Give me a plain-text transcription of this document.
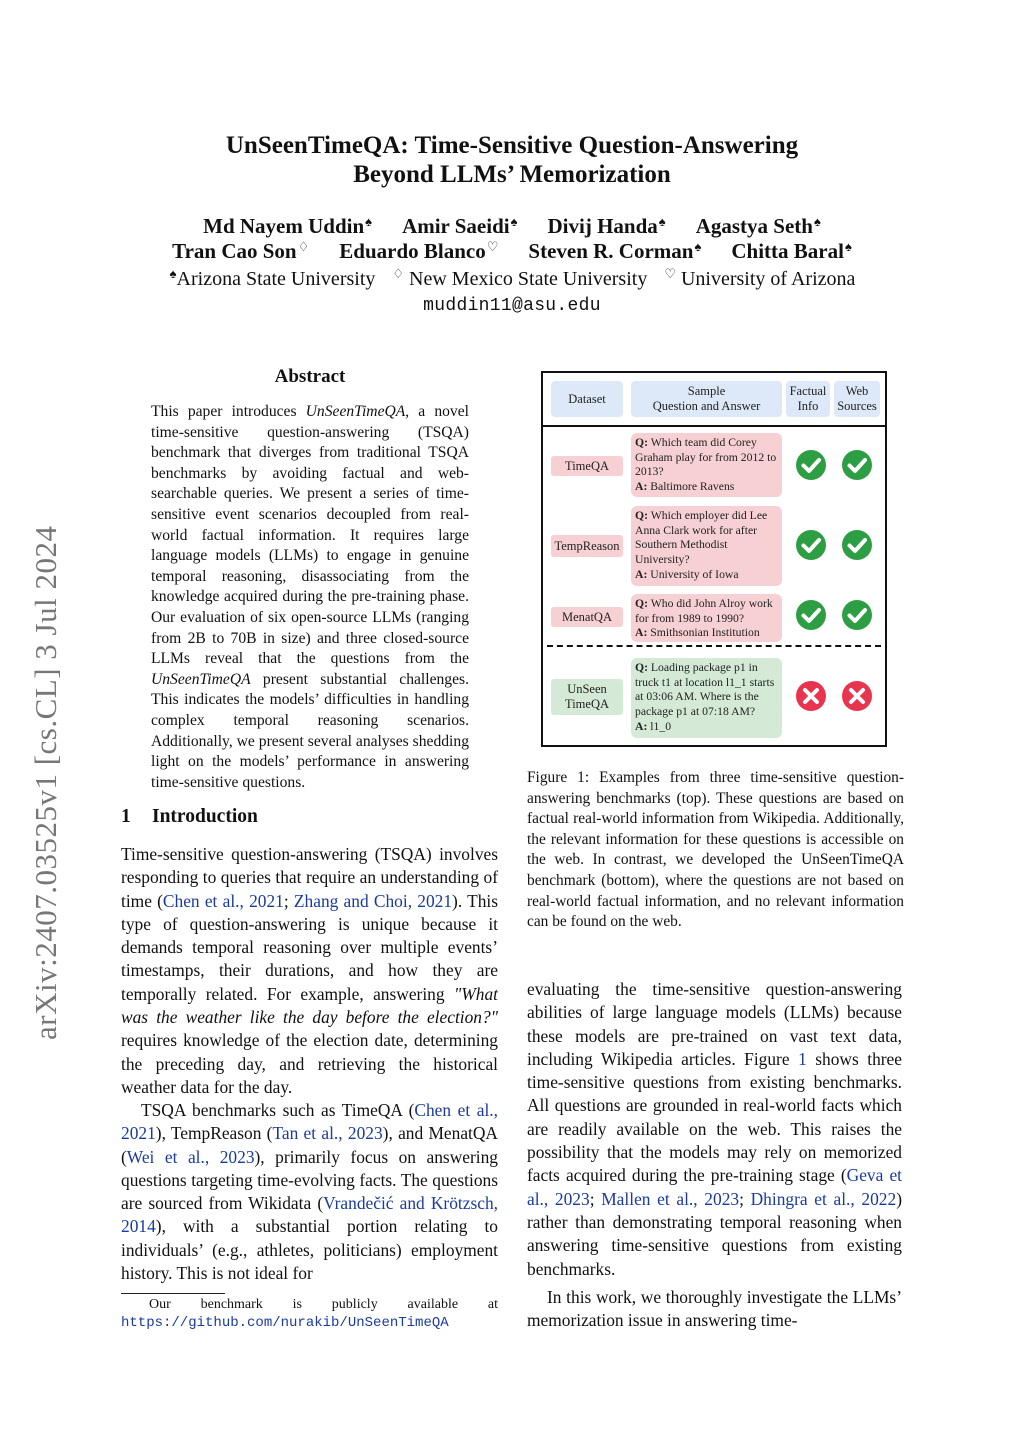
UnSeenTimeQA: Time-Sensitive Question-Answering
Beyond LLMs’ Memorization
Md Nayem Uddin♠ Amir Saeidi♠ Divij Handa♠ Agastya Seth♠
Tran Cao Son♢ Eduardo Blanco♡ Steven R. Corman♠ Chitta Baral♠
♠Arizona State University ♢ New Mexico State University ♡ University of Arizona
muddin11@asu.edu
arXiv:2407.03525v1 [cs.CL] 3 Jul 2024
Abstract
This paper introduces UnSeenTimeQA, a novel time-sensitive question-answering (TSQA) benchmark that diverges from traditional TSQA benchmarks by avoiding factual and web-searchable queries. We present a series of time-sensitive event scenarios decoupled from real-world factual information. It requires large language models (LLMs) to engage in genuine temporal reasoning, disassociating from the knowledge acquired during the pre-training phase. Our evaluation of six open-source LLMs (ranging from 2B to 70B in size) and three closed-source LLMs reveal that the questions from the UnSeenTimeQA present substantial challenges. This indicates the models’ difficulties in handling complex temporal reasoning scenarios. Additionally, we present several analyses shedding light on the models’ performance in answering time-sensitive questions.
1 Introduction
Time-sensitive question-answering (TSQA) involves responding to queries that require an understanding of time (Chen et al., 2021; Zhang and Choi, 2021). This type of question-answering is unique because it demands temporal reasoning over multiple events’ timestamps, their durations, and how they are temporally related. For example, answering "What was the weather like the day before the election?" requires knowledge of the election date, determining the preceding day, and retrieving the historical weather data for the day.
TSQA benchmarks such as TimeQA (Chen et al., 2021), TempReason (Tan et al., 2023), and MenatQA (Wei et al., 2023), primarily focus on answering questions targeting time-evolving facts. The questions are sourced from Wikidata (Vrandečić and Krötzsch, 2014), with a substantial portion relating to individuals’ (e.g., athletes, politicians) employment history. This is not ideal for
Our benchmark is publicly available at https://github.com/nurakib/UnSeenTimeQA
Dataset
Sample
Question and Answer
Factual
Info
Web
Sources
TimeQA
Q: Which team did Corey Graham play for from 2012 to 2013?
A: Baltimore Ravens
TempReason
Q: Which employer did Lee Anna Clark work for after Southern Methodist University?
A: University of Iowa
MenatQA
Q: Who did John Alroy work for from 1989 to 1990?
A: Smithsonian Institution
UnSeen
TimeQA
Q: Loading package p1 in truck t1 at location l1_1 starts at 03:06 AM. Where is the package p1 at 07:18 AM?
A: l1_0
Figure 1: Examples from three time-sensitive question-answering benchmarks (top). These questions are based on factual real-world information from Wikipedia. Additionally, the relevant information for these questions is accessible on the web. In contrast, we developed the UnSeenTimeQA benchmark (bottom), where the questions are not based on real-world factual information, and no relevant information can be found on the web.
evaluating the time-sensitive question-answering abilities of large language models (LLMs) because these models are pre-trained on vast text data, including Wikipedia articles. Figure 1 shows three time-sensitive questions from existing benchmarks. All questions are grounded in real-world facts which are readily available on the web. This raises the possibility that the models may rely on memorized facts acquired during the pre-training stage (Geva et al., 2023; Mallen et al., 2023; Dhingra et al., 2022) rather than demonstrating temporal reasoning when answering time-sensitive questions from existing benchmarks.
In this work, we thoroughly investigate the LLMs’ memorization issue in answering time-
